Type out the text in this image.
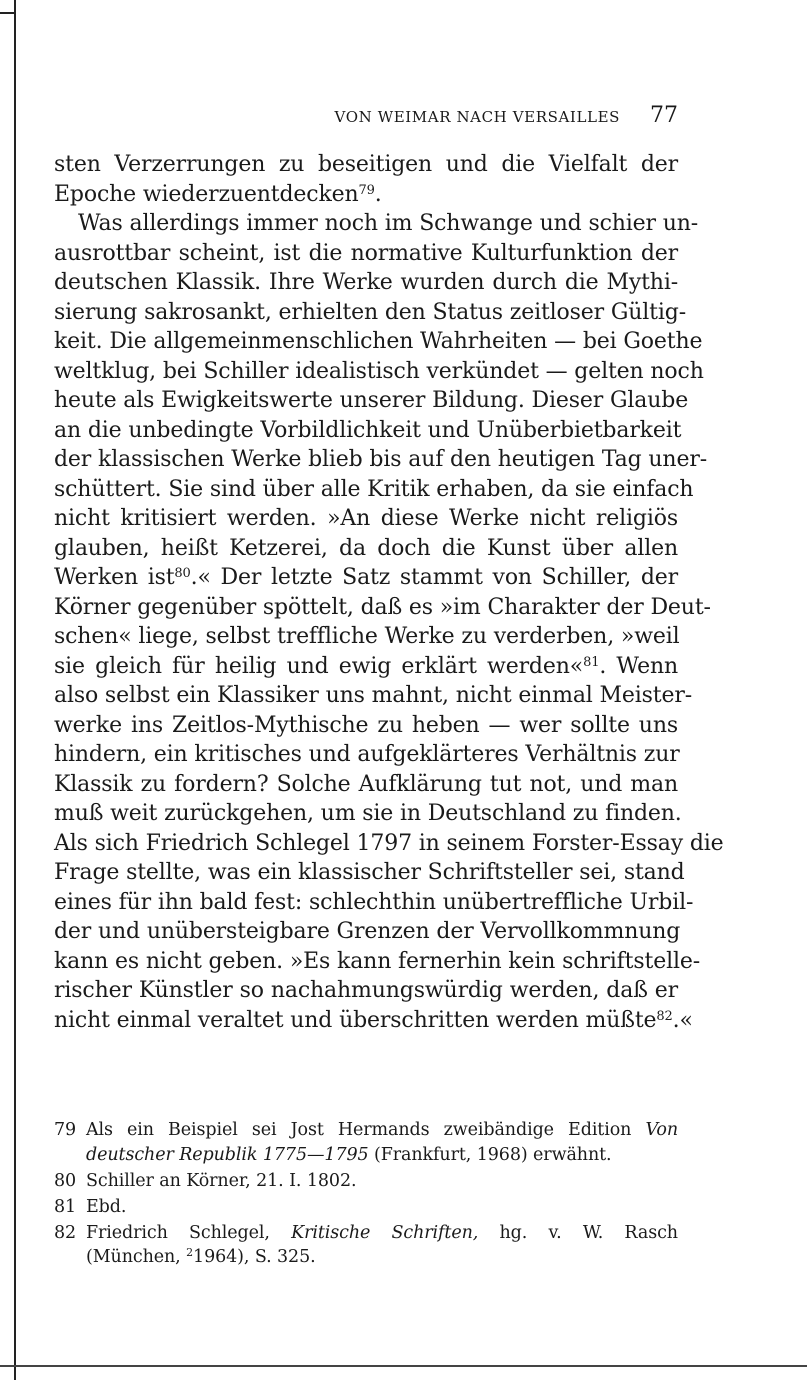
VON WEIMAR NACH VERSAILLES 77
sten Verzerrungen zu beseitigen und die Vielfalt der
Epoche wiederzuentdecken$^{79}$.
Was allerdings immer noch im Schwange und schier un-
ausrottbar scheint, ist die normative Kulturfunktion der
deutschen Klassik. Ihre Werke wurden durch die Mythi-
sierung sakrosankt, erhielten den Status zeitloser Gültig-
keit. Die allgemeinmenschlichen Wahrheiten — bei Goethe
weltklug, bei Schiller idealistisch verkündet — gelten noch
heute als Ewigkeitswerte unserer Bildung. Dieser Glaube
an die unbedingte Vorbildlichkeit und Unüberbietbarkeit
der klassischen Werke blieb bis auf den heutigen Tag uner-
schüttert. Sie sind über alle Kritik erhaben, da sie einfach
nicht kritisiert werden. »An diese Werke nicht religiös
glauben, heißt Ketzerei, da doch die Kunst über allen
Werken ist$^{80}$.« Der letzte Satz stammt von Schiller, der
Körner gegenüber spöttelt, daß es »im Charakter der Deut-
schen« liege, selbst treffliche Werke zu verderben, »weil
sie gleich für heilig und ewig erklärt werden«$^{81}$. Wenn
also selbst ein Klassiker uns mahnt, nicht einmal Meister-
werke ins Zeitlos-Mythische zu heben — wer sollte uns
hindern, ein kritisches und aufgeklärteres Verhältnis zur
Klassik zu fordern? Solche Aufklärung tut not, und man
muß weit zurückgehen, um sie in Deutschland zu finden.
Als sich Friedrich Schlegel 1797 in seinem Forster-Essay die
Frage stellte, was ein klassischer Schriftsteller sei, stand
eines für ihn bald fest: schlechthin unübertreffliche Urbil-
der und unübersteigbare Grenzen der Vervollkommnung
kann es nicht geben. »Es kann fernerhin kein schriftstelle-
rischer Künstler so nachahmungswürdig werden, daß er
nicht einmal veraltet und überschritten werden müßte$^{82}$.«
79 Als ein Beispiel sei Jost Hermands zweibändige Edition Von
deutscher Republik 1775—1795 (Frankfurt, 1968) erwähnt.
80 Schiller an Körner, 21. I. 1802.
81 Ebd.
82 Friedrich Schlegel, Kritische Schriften, hg. v. W. Rasch
(München, $^2$1964), S. 325.
